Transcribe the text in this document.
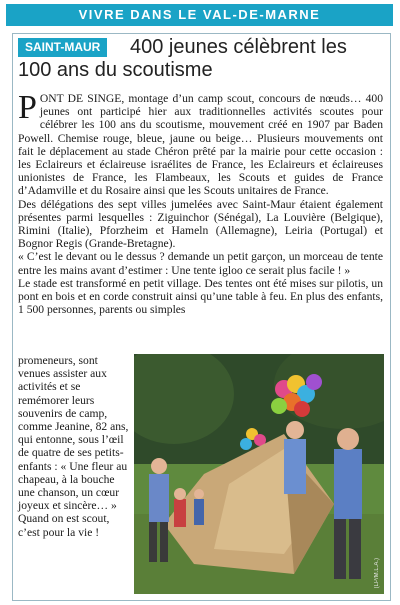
VIVRE DANS LE VAL-DE-MARNE
400 jeunes célèbrent les 100 ans du scoutisme
SAINT-MAUR

PONT DE SINGE, montage d’un camp scout, concours de nœuds… 400 jeunes ont participé hier aux traditionnelles activités scoutes pour célébrer les 100 ans du scoutisme, mouvement créé en 1907 par Baden Powell. Chemise rouge, bleue, jaune ou beige… Plusieurs mouvements ont fait le déplacement au stade Chéron prêté par la mairie pour cette occasion : les Eclaireurs et éclaireuse israélites de France, les Eclaireurs et éclaireuses unionistes de France, les Flambeaux, les Scouts et guides de France d’Adamville et du Rosaire ainsi que les Scouts unitaires de France.

Des délégations des sept villes jumelées avec Saint-Maur étaient également présentes parmi lesquelles : Ziguinchor (Sénégal), La Louvière (Belgique), Rimini (Italie), Pforzheim et Hameln (Allemagne), Leiria (Portugal) et Bognor Regis (Grande-Bretagne).

« C’est le devant ou le dessus ? demande un petit garçon, un morceau de tente entre les mains avant d’estimer : Une tente igloo ce serait plus facile ! »

Le stade est transformé en petit village. Des tentes ont été mises sur pilotis, un pont en bois et en corde construit ainsi qu’une table à feu. En plus des enfants, 1 500 personnes, parents ou simples

promeneurs, sont venues assister aux activités et se remémorer leurs souvenirs de camp, comme Jeanine, 82 ans, qui entonne, sous l’œil de quatre de ses petits-enfants : « Une fleur au chapeau, à la bouche une chanson, un cœur joyeux et sincère… » Quand on est scout, c’est pour la vie !

(LP/M.L.A.)
